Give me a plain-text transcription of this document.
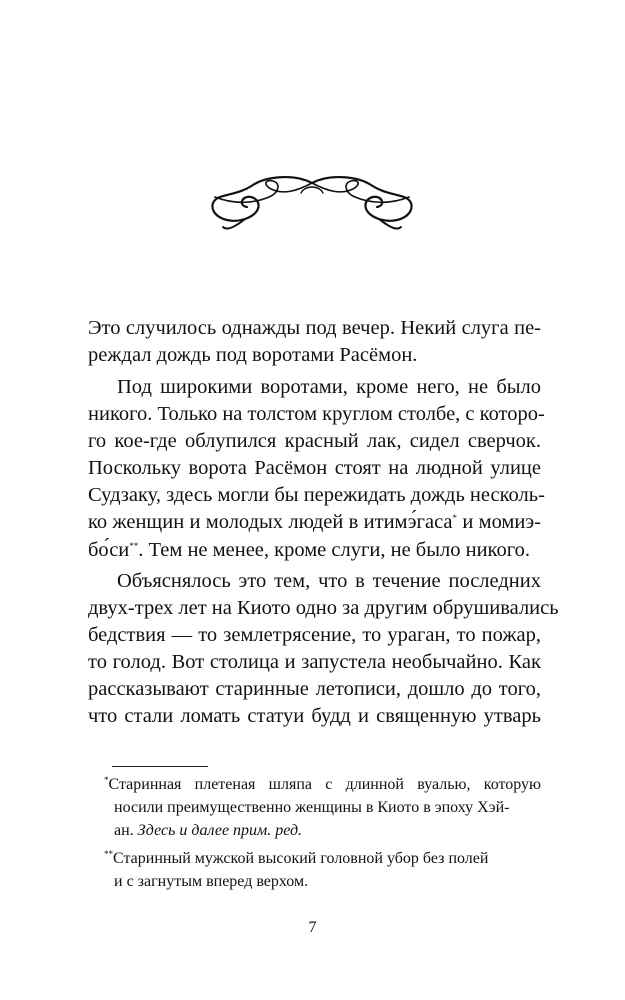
Это случилось однажды под вечер. Некий слуга пе-
рeждал дождь под воротами Расёмон.
Под широкими воротами, кроме него, не было
никого. Только на толстом круглом столбе, с которо-
го кое-где облупился красный лак, сидел сверчок.
Поскольку ворота Расёмон стоят на людной улице
Судзаку, здесь могли бы пережидать дождь несколь-
ко женщин и молодых людей в итимэ́гаса* и момиэ-
бо́си**. Тем не менее, кроме слуги, не было никого.
Объяснялось это тем, что в течение последних
двух-трех лет на Киото одно за другим обрушивались
бедствия — то землетрясение, то ураган, то пожар,
то голод. Вот столица и запустела необычайно. Как
рассказывают старинные летописи, дошло до того,
что стали ломать статуи будд и священную утварь
*Старинная плетеная шляпа с длинной вуалью, которую
носили преимущественно женщины в Киото в эпоху Хэй-
ан. Здесь и далее прим. ред.
**Старинный мужской высокий головной убор без полей
и с загнутым вперед верхом.
7
